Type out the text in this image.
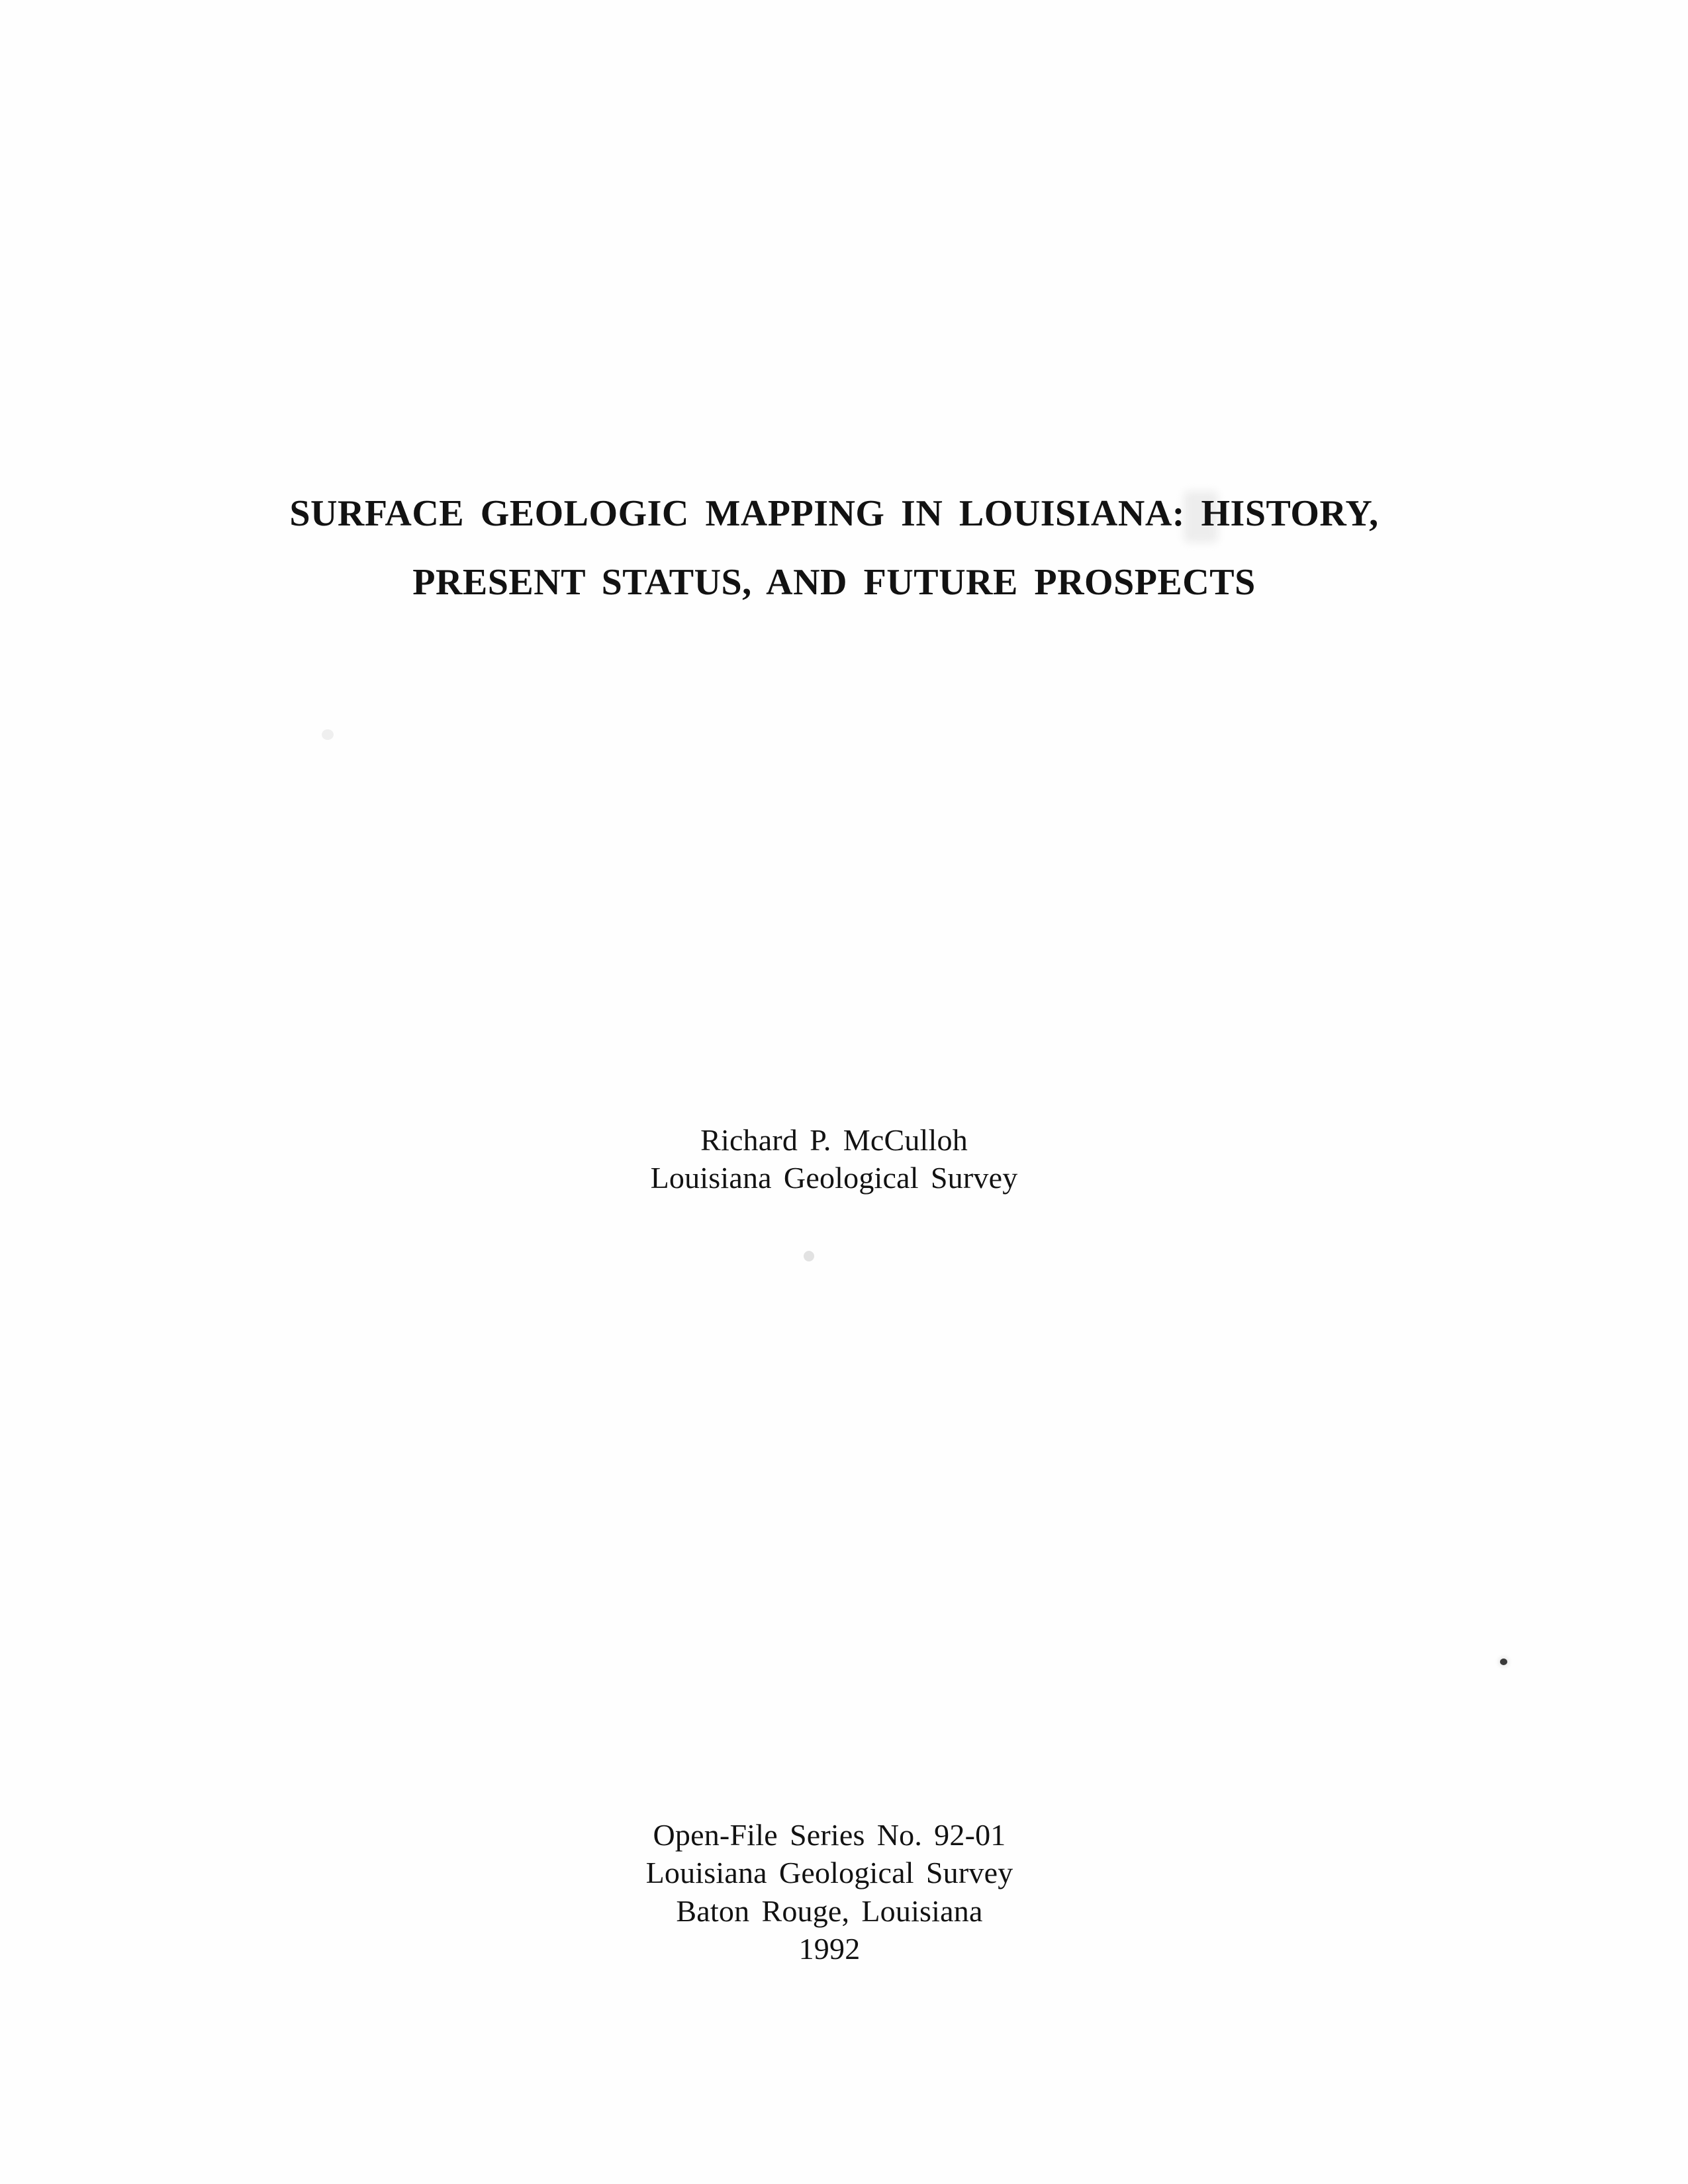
SURFACE GEOLOGIC MAPPING IN LOUISIANA: HISTORY,
PRESENT STATUS, AND FUTURE PROSPECTS
Richard P. McCulloh
Louisiana Geological Survey
Open-File Series No. 92-01
Louisiana Geological Survey
Baton Rouge, Louisiana
1992
